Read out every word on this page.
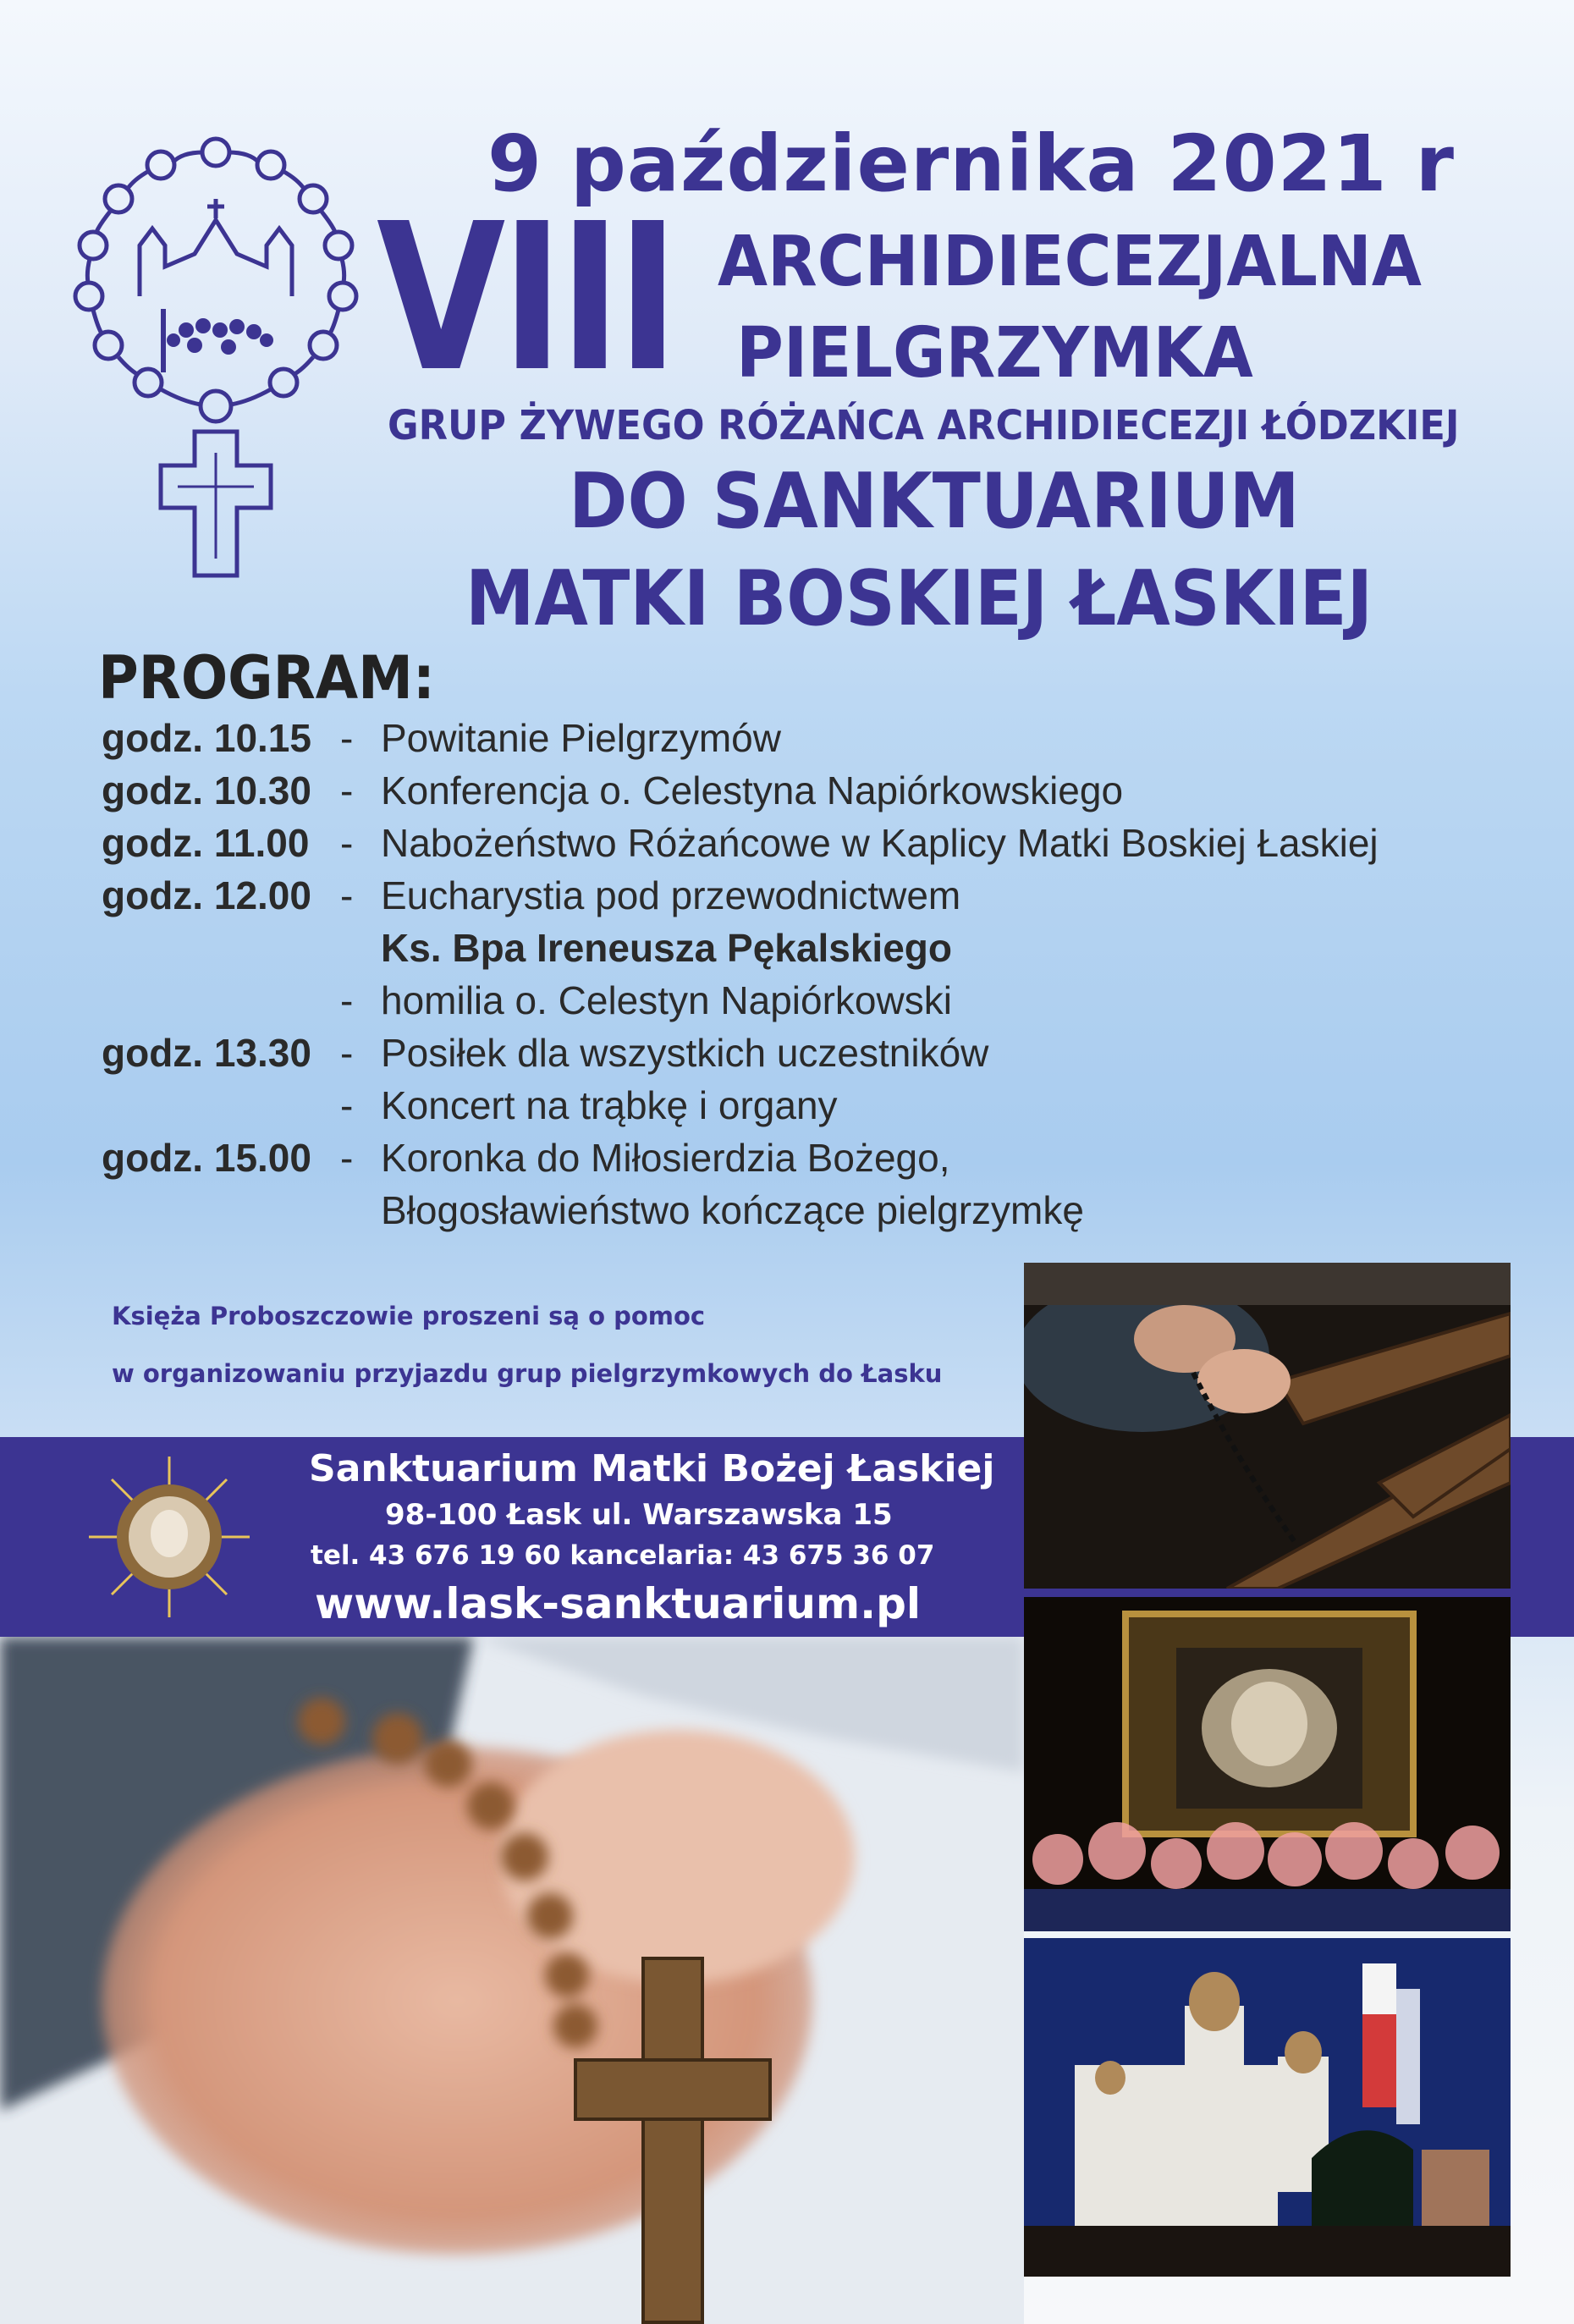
9 października 2021 r
VIII ARCHIDIECEZJALNA
PIELGRZYMKA
GRUP ŻYWEGO RÓŻAŃCA ARCHIDIECEZJI ŁÓDZKIEJ
DO SANKTUARIUM
MATKI BOSKIEJ ŁASKIEJ
PROGRAM:
godz. 10.15 - Powitanie Pielgrzymów
godz. 10.30 - Konferencja o. Celestyna Napiórkowskiego
godz. 11.00 - Nabożeństwo Różańcowe w Kaplicy Matki Boskiej Łaskiej
godz. 12.00 - Eucharystia pod przewodnictwem
Ks. Bpa Ireneusza Pękalskiego
- homilia o. Celestyn Napiórkowski
godz. 13.30 - Posiłek dla wszystkich uczestników
- Koncert na trąbkę i organy
godz. 15.00 - Koronka do Miłosierdzia Bożego,
Błogosławieństwo kończące pielgrzymkę
Księża Proboszczowie proszeni są o pomoc
w organizowaniu przyjazdu grup pielgrzymkowych do Łasku
Sanktuarium Matki Bożej Łaskiej
98-100 Łask ul. Warszawska 15
tel. 43 676 19 60 kancelaria: 43 675 36 07
www.lask-sanktuarium.pl
